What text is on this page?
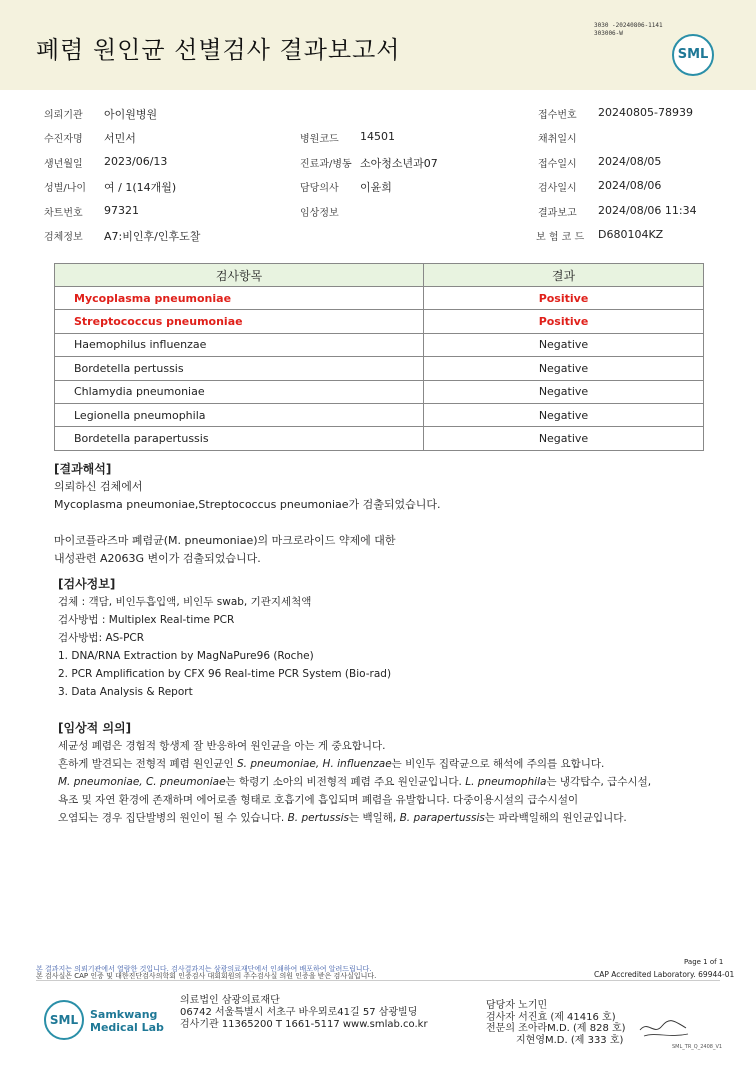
폐렴 원인균 선별검사 결과보고서
3030 -20240806-1141
303006-W
SML
의뢰기관 아이원병원	접수번호 20240805-78939
수진자명 서민서	병원코드 14501	채취일시
생년월일 2023/06/13	진료과/병동 소아청소년과07	접수일시 2024/08/05
성별/나이 여 / 1(14개월)	담당의사 이윤희	검사일시 2024/08/06
차트번호 97321	임상정보	결과보고 2024/08/06 11:34
검체정보 A7:비인후/인후도찰	보 험 코 드 D680104KZ
검사항목	결과
Mycoplasma pneumoniae	Positive
Streptococcus pneumoniae	Positive
Haemophilus influenzae	Negative
Bordetella pertussis	Negative
Chlamydia pneumoniae	Negative
Legionella pneumophila	Negative
Bordetella parapertussis	Negative
[결과해석]
의뢰하신 검체에서
Mycoplasma pneumoniae,Streptococcus pneumoniae가 검출되었습니다.
마이코플라즈마 폐렴균(M. pneumoniae)의 마크로라이드 약제에 대한
내성관련 A2063G 변이가 검출되었습니다.
[검사정보]
검체 : 객담, 비인두흡입액, 비인두 swab, 기관지세척액
검사방법 : Multiplex Real-time PCR
검사방법: AS-PCR
1. DNA/RNA Extraction by MagNaPure96 (Roche)
2. PCR Amplification by CFX 96 Real-time PCR System (Bio-rad)
3. Data Analysis & Report
[임상적 의의]
세균성 폐렴은 경험적 항생제 잘 반응하여 원인균을 아는 게 중요합니다.
흔하게 발견되는 전형적 폐렴 원인균인 S. pneumoniae, H. influenzae는 비인두 집락균으로 해석에 주의를 요합니다.
M. pneumoniae, C. pneumoniae는 학령기 소아의 비전형적 폐렴 주요 원인균입니다. L. pneumophila는 냉각탑수, 급수시설,
욕조 및 자연 환경에 존재하며 에어로졸 형태로 호흡기에 흡입되며 폐렴을 유발합니다. 다중이용시설의 급수시설이
오염되는 경우 집단발병의 원인이 될 수 있습니다. B. pertussis는 백일해, B. parapertussis는 파라백일해의 원인균입니다.
본 결과지는 의뢰기관에서 열람한 것입니다. 검사결과지는 삼광의료재단에서 인쇄하여 배포하여 알려드립니다.
본 검사실은 CAP 인증 및 대한진단검사의학회 인증검사 대회회원의 주수검사실 의원 인증을 받은 검사실입니다.
Page 1 of 1
CAP Accredited Laboratory. 69944-01
SML	Samkwang
Medical Lab
의료법인 삼광의료재단
06742 서울특별시 서초구 바우뫼로41길 57 삼광빌딩
검사기관 11365200 T 1661-5117 www.smlab.co.kr
담당자 노기민
검사자 서진효 (제 41416 호)
전문의 조아라M.D. (제 828 호)
지현영M.D. (제 333 호)
SML_TR_Q_2408_V1
